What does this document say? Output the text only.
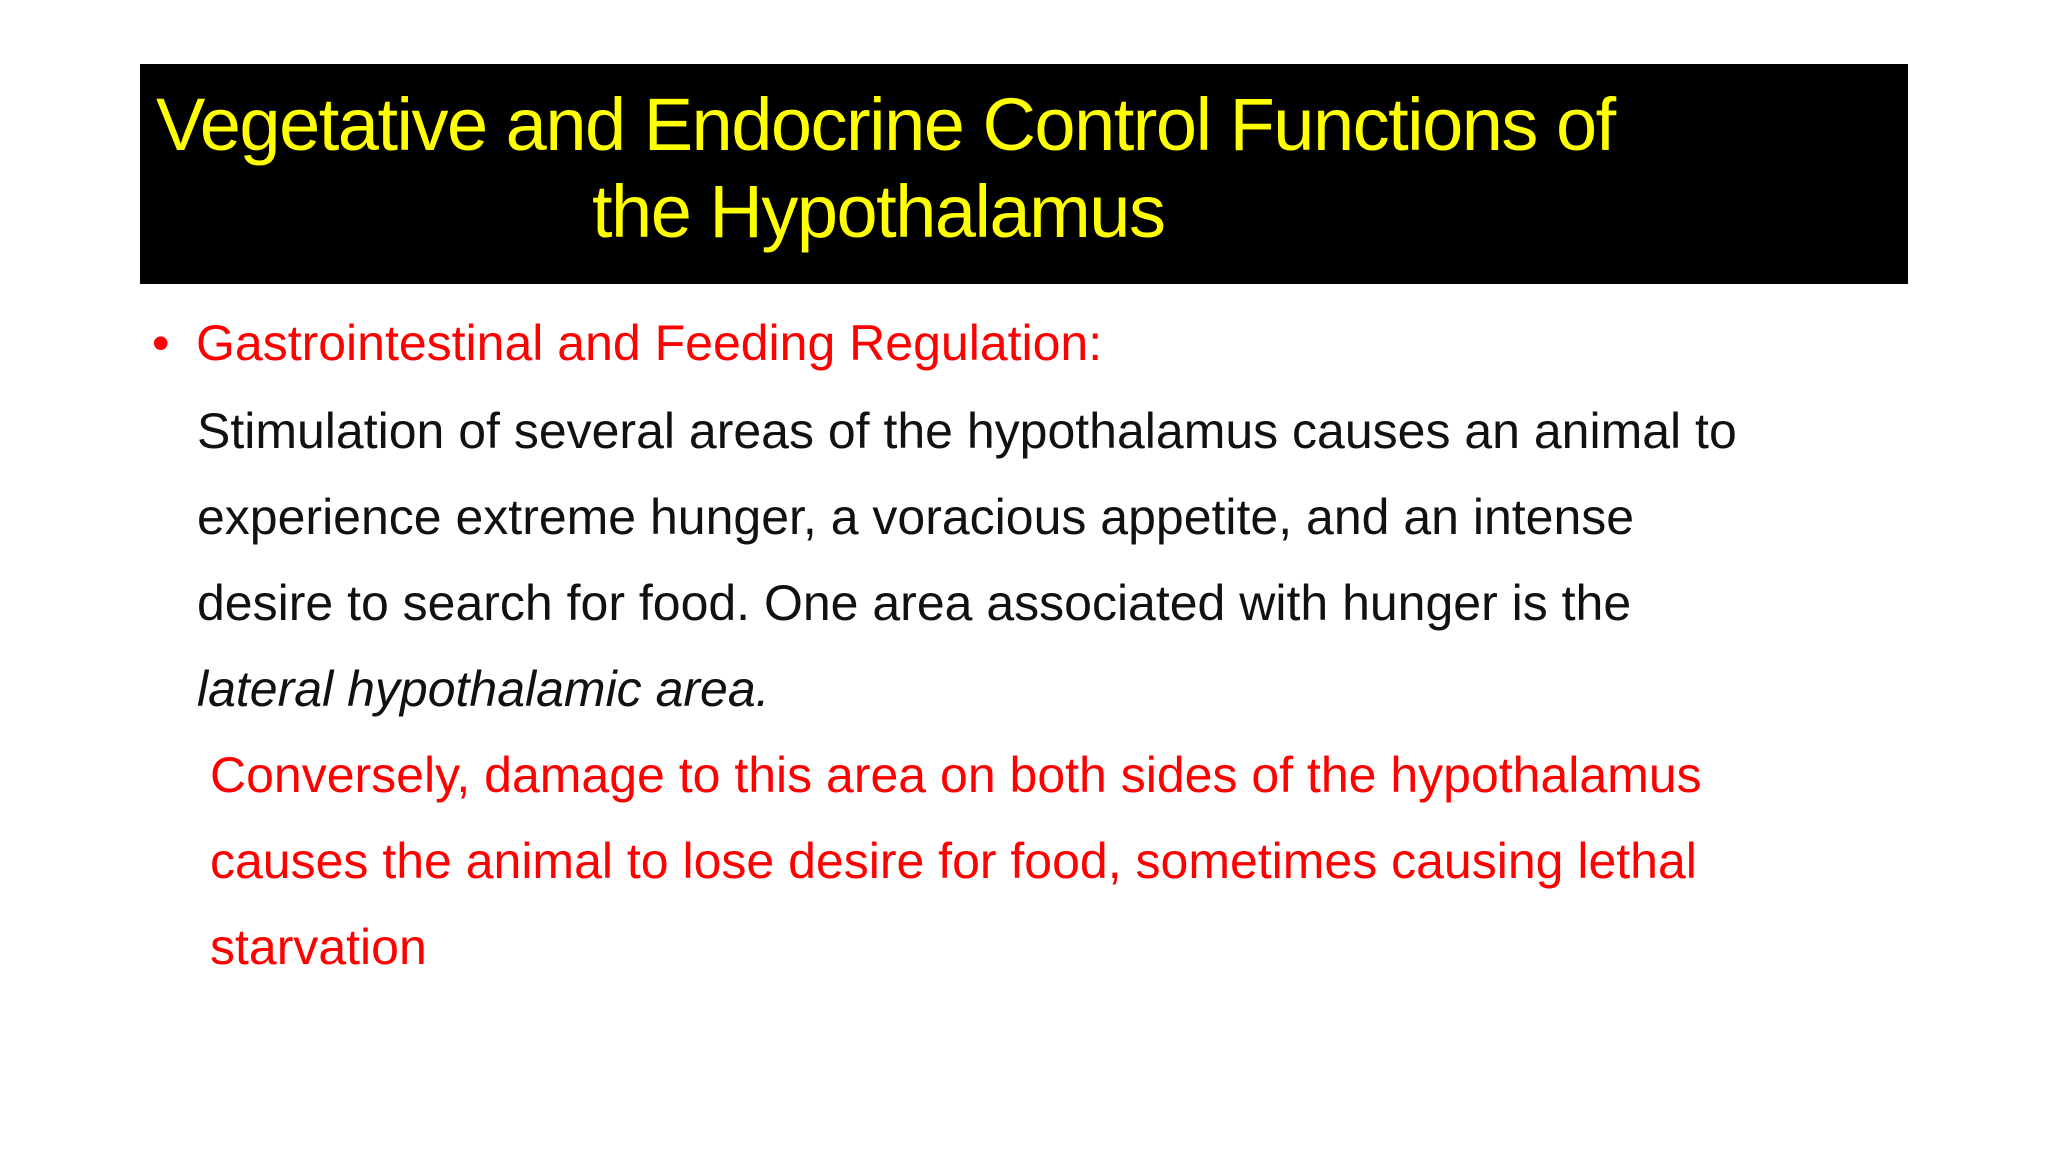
Vegetative and Endocrine Control Functions of
the Hypothalamus
• Gastrointestinal and Feeding Regulation:
Stimulation of several areas of the hypothalamus causes an animal to
experience extreme hunger, a voracious appetite, and an intense
desire to search for food. One area associated with hunger is the
lateral hypothalamic area.
Conversely, damage to this area on both sides of the hypothalamus
causes the animal to lose desire for food, sometimes causing lethal
starvation
